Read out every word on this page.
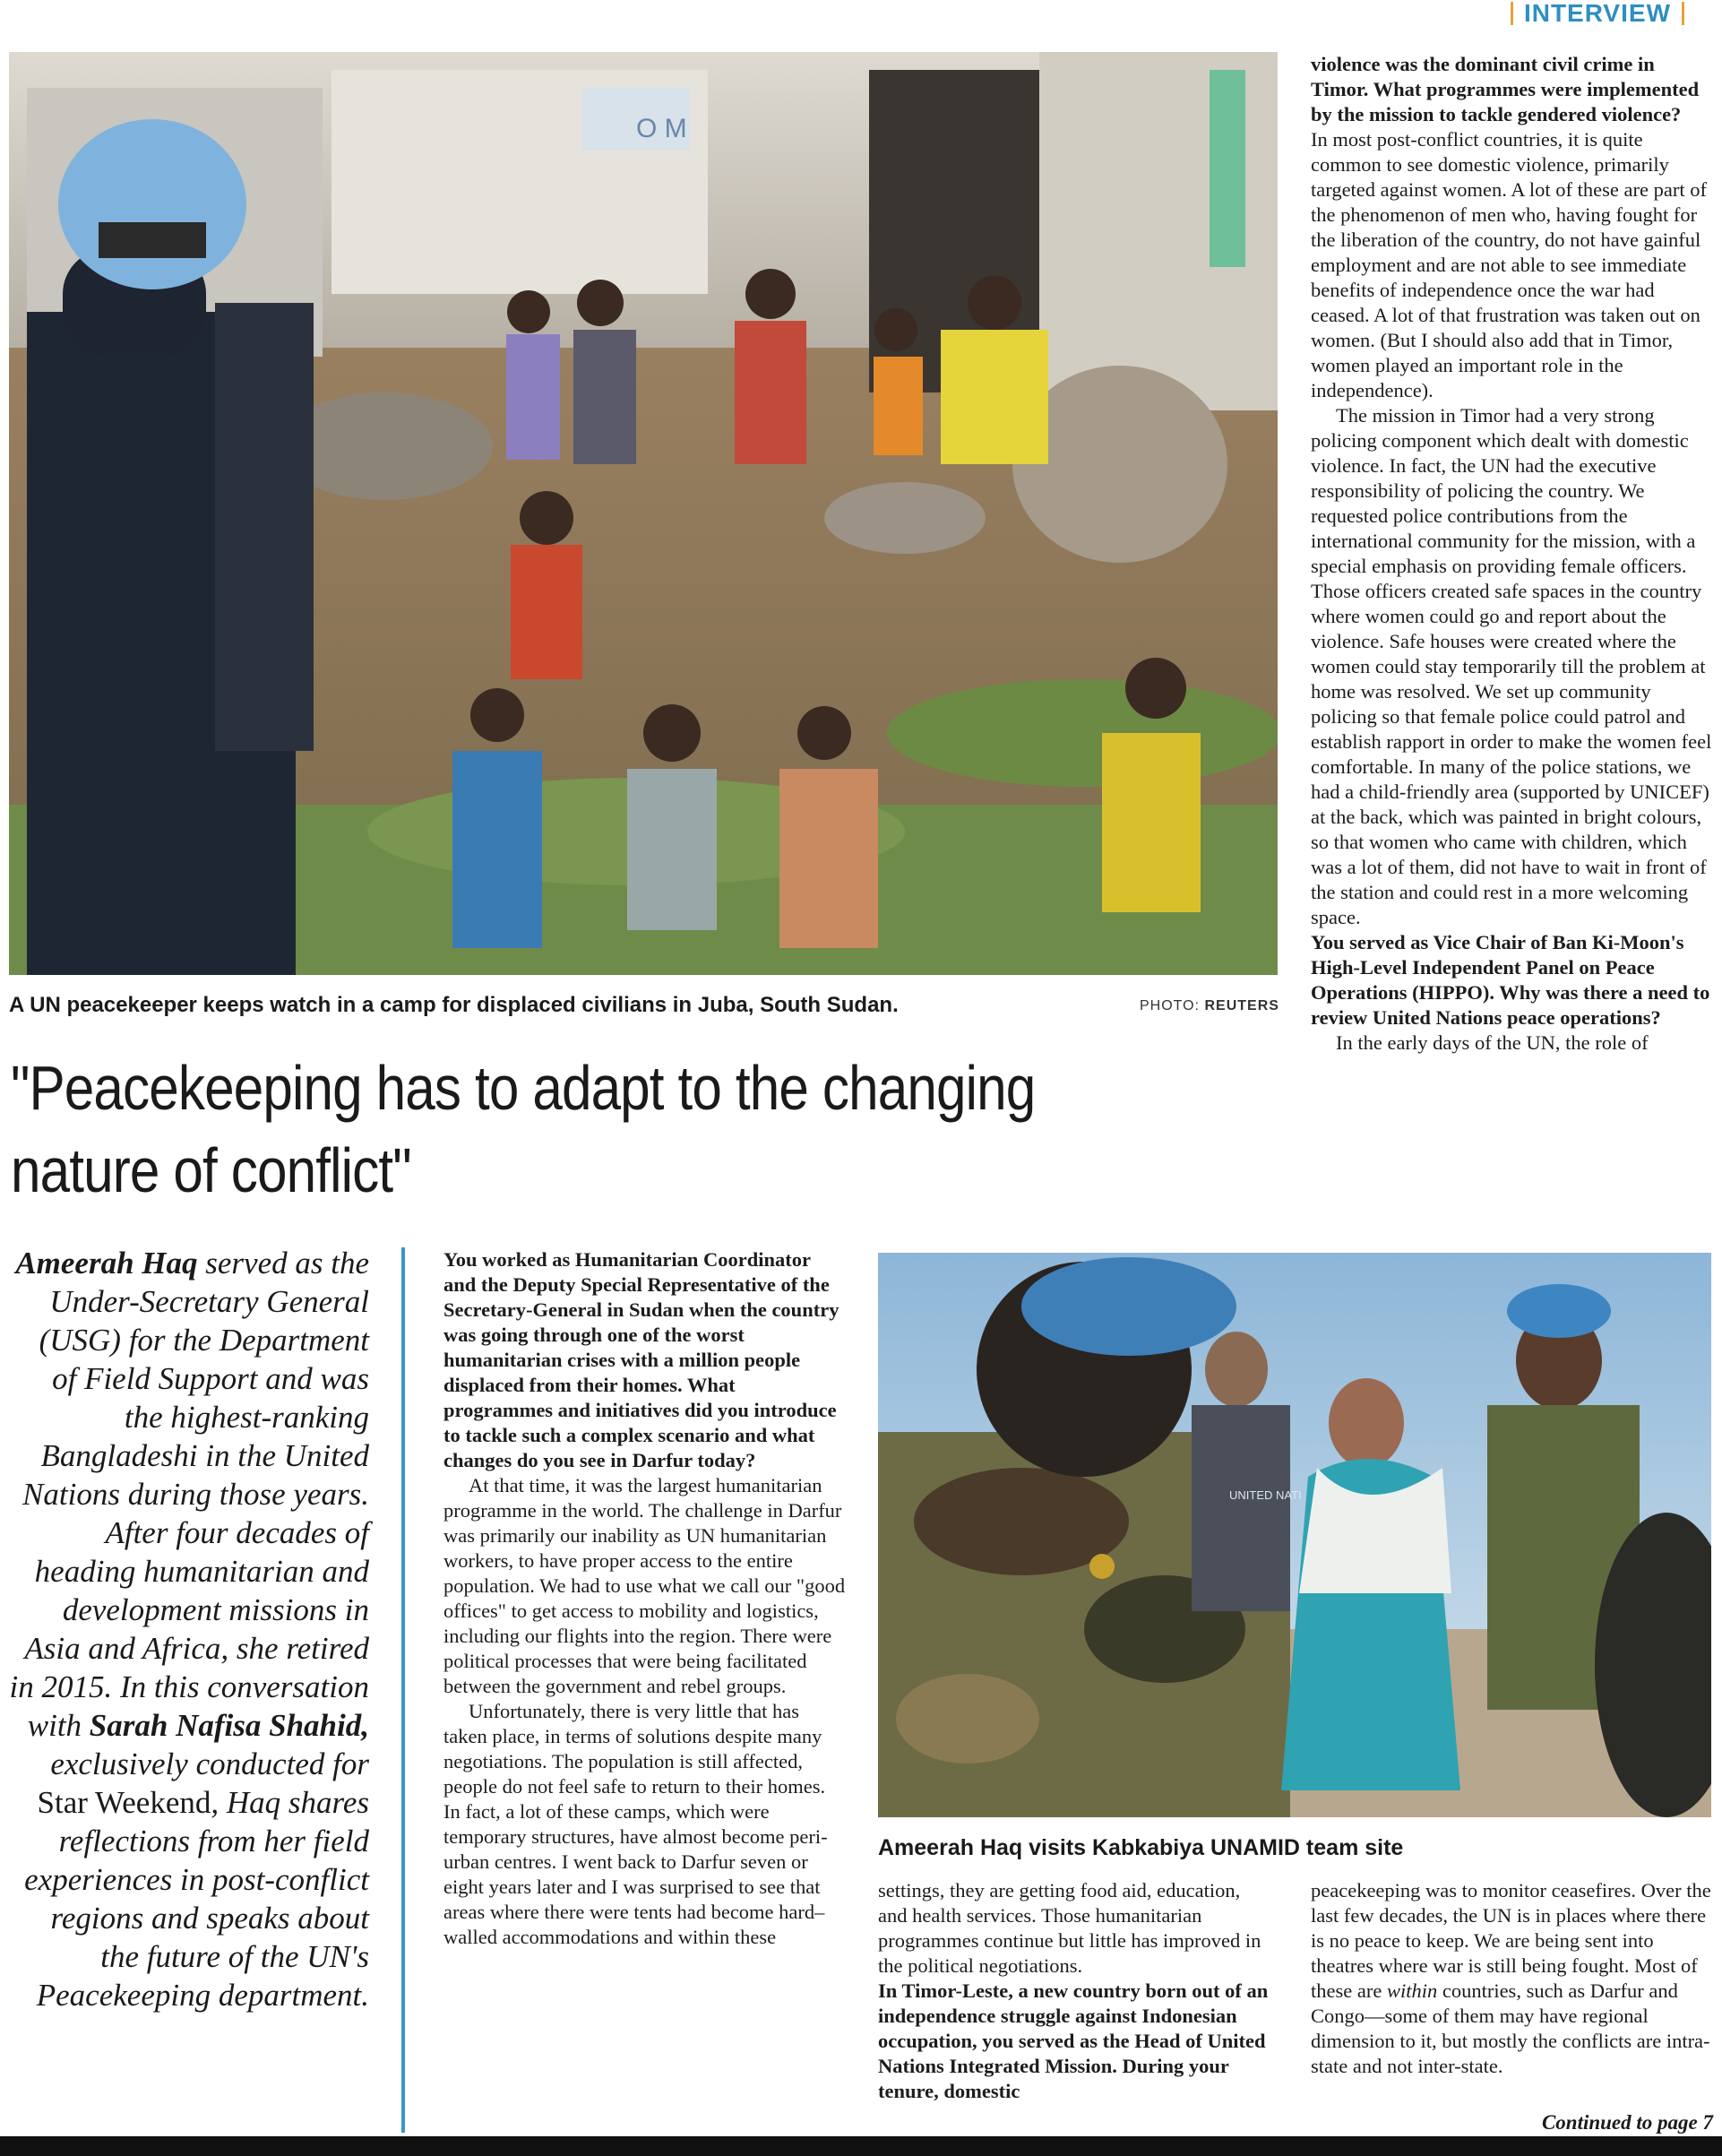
INTERVIEW
O M
A UN peacekeeper keeps watch in a camp for displaced civilians in Juba, South Sudan.	PHOTO: REUTERS
"Peacekeeping has to adapt to the changing
nature of conflict"
Ameerah Haq served as the Under-Secretary General (USG) for the Department of Field Support and was the highest-ranking Bangladeshi in the United Nations during those years. After four decades of heading humanitarian and development missions in Asia and Africa, she retired in 2015. In this conversation with Sarah Nafisa Shahid, exclusively conducted for Star Weekend, Haq shares reflections from her field experiences in post-conflict regions and speaks about the future of the UN's Peacekeeping department.

You worked as Humanitarian Coordinator and the Deputy Special Representative of the Secretary-General in Sudan when the country was going through one of the worst humanitarian crises with a million people displaced from their homes. What programmes and initiatives did you introduce to tackle such a complex scenario and what changes do you see in Darfur today?

At that time, it was the largest humanitarian programme in the world. The challenge in Darfur was primarily our inability as UN humanitarian workers, to have proper access to the entire population. We had to use what we call our "good offices" to get access to mobility and logistics, including our flights into the region. There were political processes that were being facilitated between the government and rebel groups.

Unfortunately, there is very little that has taken place, in terms of solutions despite many negotiations. The population is still affected, people do not feel safe to return to their homes. In fact, a lot of these camps, which were temporary structures, have almost become peri-urban centres. I went back to Darfur seven or eight years later and I was surprised to see that areas where there were tents had become hard–walled accommodations and within these

UNITED NATI
Ameerah Haq visits Kabkabiya UNAMID team site

settings, they are getting food aid, education, and health services. Those humanitarian programmes continue but little has improved in the political negotiations.

In Timor-Leste, a new country born out of an independence struggle against Indonesian occupation, you served as the Head of United Nations Integrated Mission. During your tenure, domestic

violence was the dominant civil crime in Timor. What programmes were implemented by the mission to tackle gendered violence?

In most post-conflict countries, it is quite common to see domestic violence, primarily targeted against women. A lot of these are part of the phenomenon of men who, having fought for the liberation of the country, do not have gainful employment and are not able to see immediate benefits of independence once the war had ceased. A lot of that frustration was taken out on women. (But I should also add that in Timor, women played an important role in the independence).

The mission in Timor had a very strong policing component which dealt with domestic violence. In fact, the UN had the executive responsibility of policing the country. We requested police contributions from the international community for the mission, with a special emphasis on providing female officers. Those officers created safe spaces in the country where women could go and report about the violence. Safe houses were created where the women could stay temporarily till the problem at home was resolved. We set up community policing so that female police could patrol and establish rapport in order to make the women feel comfortable. In many of the police stations, we had a child-friendly area (supported by UNICEF) at the back, which was painted in bright colours, so that women who came with children, which was a lot of them, did not have to wait in front of the station and could rest in a more welcoming space.

You served as Vice Chair of Ban Ki-Moon's High-Level Independent Panel on Peace Operations (HIPPO). Why was there a need to review United Nations peace operations?

In the early days of the UN, the role of

peacekeeping was to monitor ceasefires. Over the last few decades, the UN is in places where there is no peace to keep. We are being sent into theatres where war is still being fought. Most of these are within countries, such as Darfur and Congo—some of them may have regional dimension to it, but mostly the conflicts are intra-state and not inter-state.

Continued to page 7
